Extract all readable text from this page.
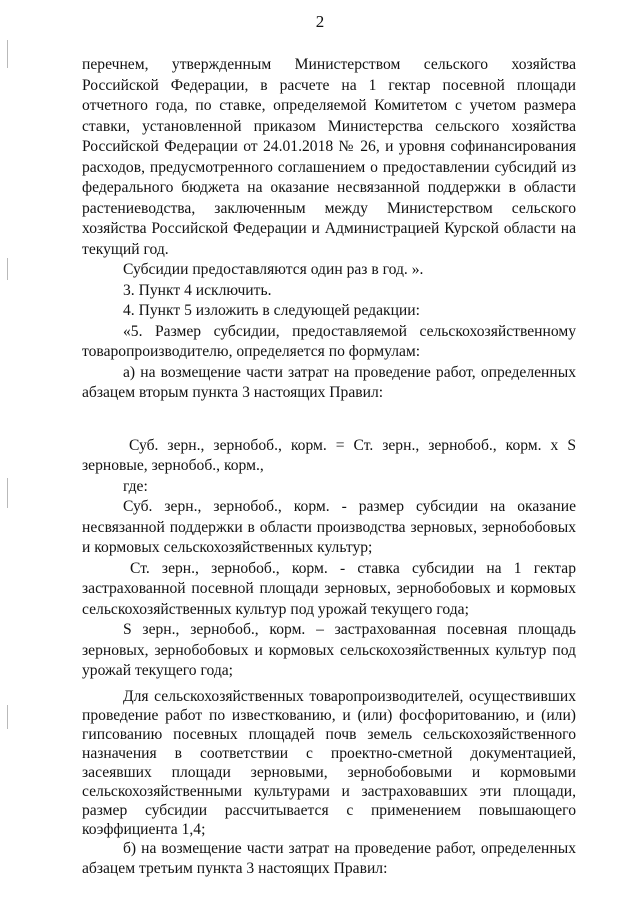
2

перечнем, утвержденным Министерством сельского хозяйства Российской Федерации, в расчете на 1 гектар посевной площади отчетного года, по ставке, определяемой Комитетом с учетом размера ставки, установленной приказом Министерства сельского хозяйства Российской Федерации от 24.01.2018 № 26, и уровня софинансирования расходов, предусмотренного соглашением о предоставлении субсидий из федерального бюджета на оказание несвязанной поддержки в области растениеводства, заключенным между Министерством сельского хозяйства Российской Федерации и Администрацией Курской области на текущий год.

Субсидии предоставляются один раз в год. ».

3. Пункт 4 исключить.

4. Пункт 5 изложить в следующей редакции:

«5. Размер субсидии, предоставляемой сельскохозяйственному товаропроизводителю, определяется по формулам:

а) на возмещение части затрат на проведение работ, определенных абзацем вторым пункта 3 настоящих Правил:

Суб. зерн., зернобоб., корм. = Ст. зерн., зернобоб., корм. x S зерновые, зернобоб., корм.,

где:

Суб. зерн., зернобоб., корм. - размер субсидии на оказание несвязанной поддержки в области производства зерновых, зернобобовых и кормовых сельскохозяйственных культур;

Ст. зерн., зернобоб., корм. - ставка субсидии на 1 гектар застрахованной посевной площади зерновых, зернобобовых и кормовых сельскохозяйственных культур под урожай текущего года;

S зерн., зернобоб., корм. – застрахованная посевная площадь зерновых, зернобобовых и кормовых сельскохозяйственных культур под урожай текущего года;

Для сельскохозяйственных товаропроизводителей, осуществивших проведение работ по известкованию, и (или) фосфоритованию, и (или) гипсованию посевных площадей почв земель сельскохозяйственного назначения в соответствии с проектно-сметной документацией, засеявших площади зерновыми, зернобобовыми и кормовыми сельскохозяйственными культурами и застраховавших эти площади, размер субсидии рассчитывается с применением повышающего коэффициента 1,4;

б) на возмещение части затрат на проведение работ, определенных абзацем третьим пункта 3 настоящих Правил:
